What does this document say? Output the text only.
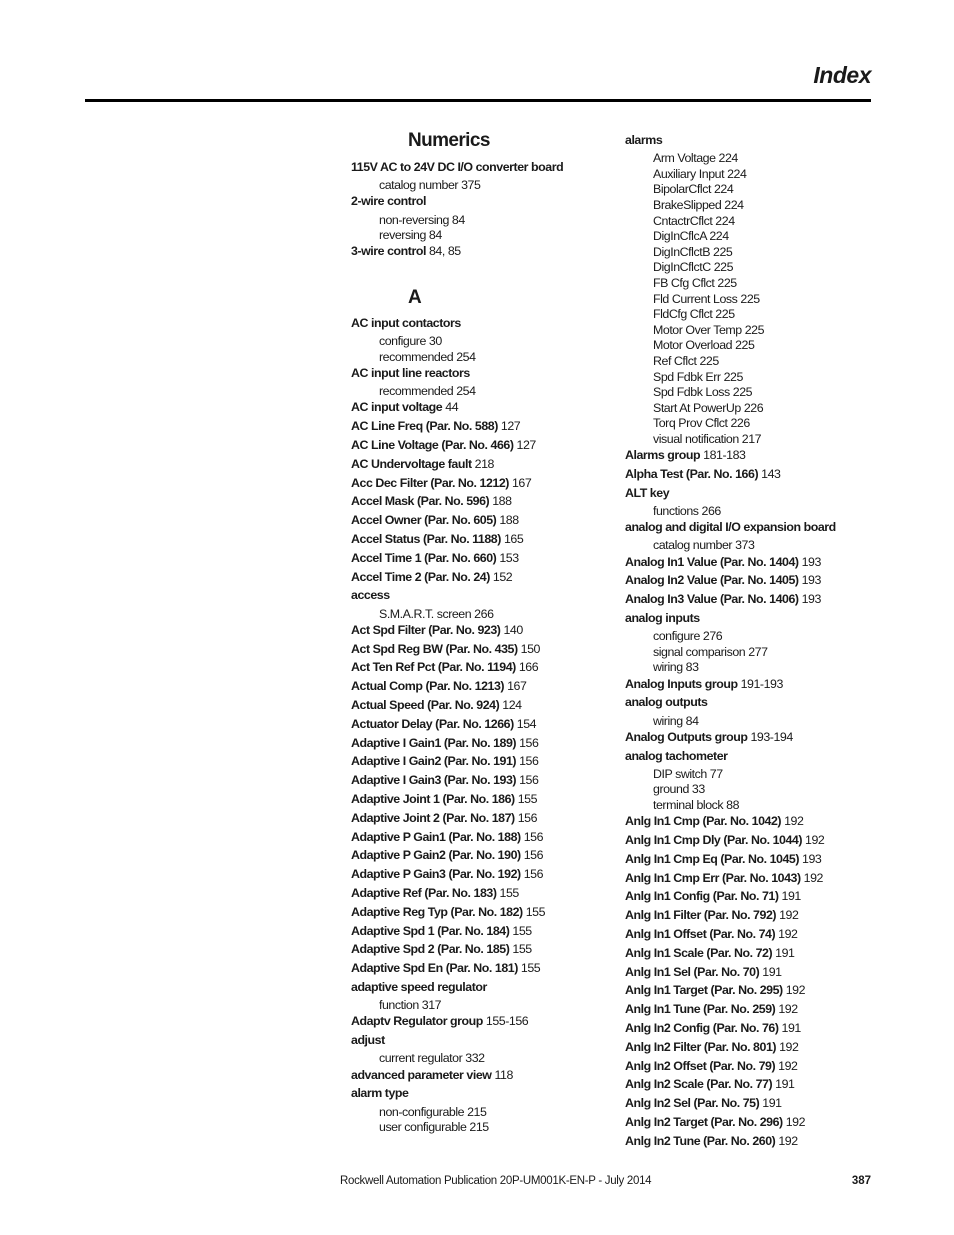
Index
Numerics
A
115V AC to 24V DC I/O converter board
catalog number 375
2-wire control
non-reversing 84
reversing 84
3-wire control 84, 85
AC input contactors
configure 30
recommended 254
AC input line reactors
recommended 254
AC input voltage 44
AC Line Freq (Par. No. 588) 127
AC Line Voltage (Par. No. 466) 127
AC Undervoltage fault 218
Acc Dec Filter (Par. No. 1212) 167
Accel Mask (Par. No. 596) 188
Accel Owner (Par. No. 605) 188
Accel Status (Par. No. 1188) 165
Accel Time 1 (Par. No. 660) 153
Accel Time 2 (Par. No. 24) 152
access
S.M.A.R.T. screen 266
Act Spd Filter (Par. No. 923) 140
Act Spd Reg BW (Par. No. 435) 150
Act Ten Ref Pct (Par. No. 1194) 166
Actual Comp (Par. No. 1213) 167
Actual Speed (Par. No. 924) 124
Actuator Delay (Par. No. 1266) 154
Adaptive I Gain1 (Par. No. 189) 156
Adaptive I Gain2 (Par. No. 191) 156
Adaptive I Gain3 (Par. No. 193) 156
Adaptive Joint 1 (Par. No. 186) 155
Adaptive Joint 2 (Par. No. 187) 156
Adaptive P Gain1 (Par. No. 188) 156
Adaptive P Gain2 (Par. No. 190) 156
Adaptive P Gain3 (Par. No. 192) 156
Adaptive Ref (Par. No. 183) 155
Adaptive Reg Typ (Par. No. 182) 155
Adaptive Spd 1 (Par. No. 184) 155
Adaptive Spd 2 (Par. No. 185) 155
Adaptive Spd En (Par. No. 181) 155
adaptive speed regulator
function 317
Adaptv Regulator group 155-156
adjust
current regulator 332
advanced parameter view 118
alarm type
non-configurable 215
user configurable 215
alarms
Arm Voltage 224
Auxiliary Input 224
BipolarCflct 224
BrakeSlipped 224
CntactrCflct 224
DigInCflcA 224
DigInCflctB 225
DigInCflctC 225
FB Cfg Cflct 225
Fld Current Loss 225
FldCfg Cflct 225
Motor Over Temp 225
Motor Overload 225
Ref Cflct 225
Spd Fdbk Err 225
Spd Fdbk Loss 225
Start At PowerUp 226
Torq Prov Cflct 226
visual notification 217
Alarms group 181-183
Alpha Test (Par. No. 166) 143
ALT key
functions 266
analog and digital I/O expansion board
catalog number 373
Analog In1 Value (Par. No. 1404) 193
Analog In2 Value (Par. No. 1405) 193
Analog In3 Value (Par. No. 1406) 193
analog inputs
configure 276
signal comparison 277
wiring 83
Analog Inputs group 191-193
analog outputs
wiring 84
Analog Outputs group 193-194
analog tachometer
DIP switch 77
ground 33
terminal block 88
Anlg In1 Cmp (Par. No. 1042) 192
Anlg In1 Cmp Dly (Par. No. 1044) 192
Anlg In1 Cmp Eq (Par. No. 1045) 193
Anlg In1 Cmp Err (Par. No. 1043) 192
Anlg In1 Config (Par. No. 71) 191
Anlg In1 Filter (Par. No. 792) 192
Anlg In1 Offset (Par. No. 74) 192
Anlg In1 Scale (Par. No. 72) 191
Anlg In1 Sel (Par. No. 70) 191
Anlg In1 Target (Par. No. 295) 192
Anlg In1 Tune (Par. No. 259) 192
Anlg In2 Config (Par. No. 76) 191
Anlg In2 Filter (Par. No. 801) 192
Anlg In2 Offset (Par. No. 79) 192
Anlg In2 Scale (Par. No. 77) 191
Anlg In2 Sel (Par. No. 75) 191
Anlg In2 Target (Par. No. 296) 192
Anlg In2 Tune (Par. No. 260) 192
Rockwell Automation Publication 20P-UM001K-EN-P - July 2014	387
